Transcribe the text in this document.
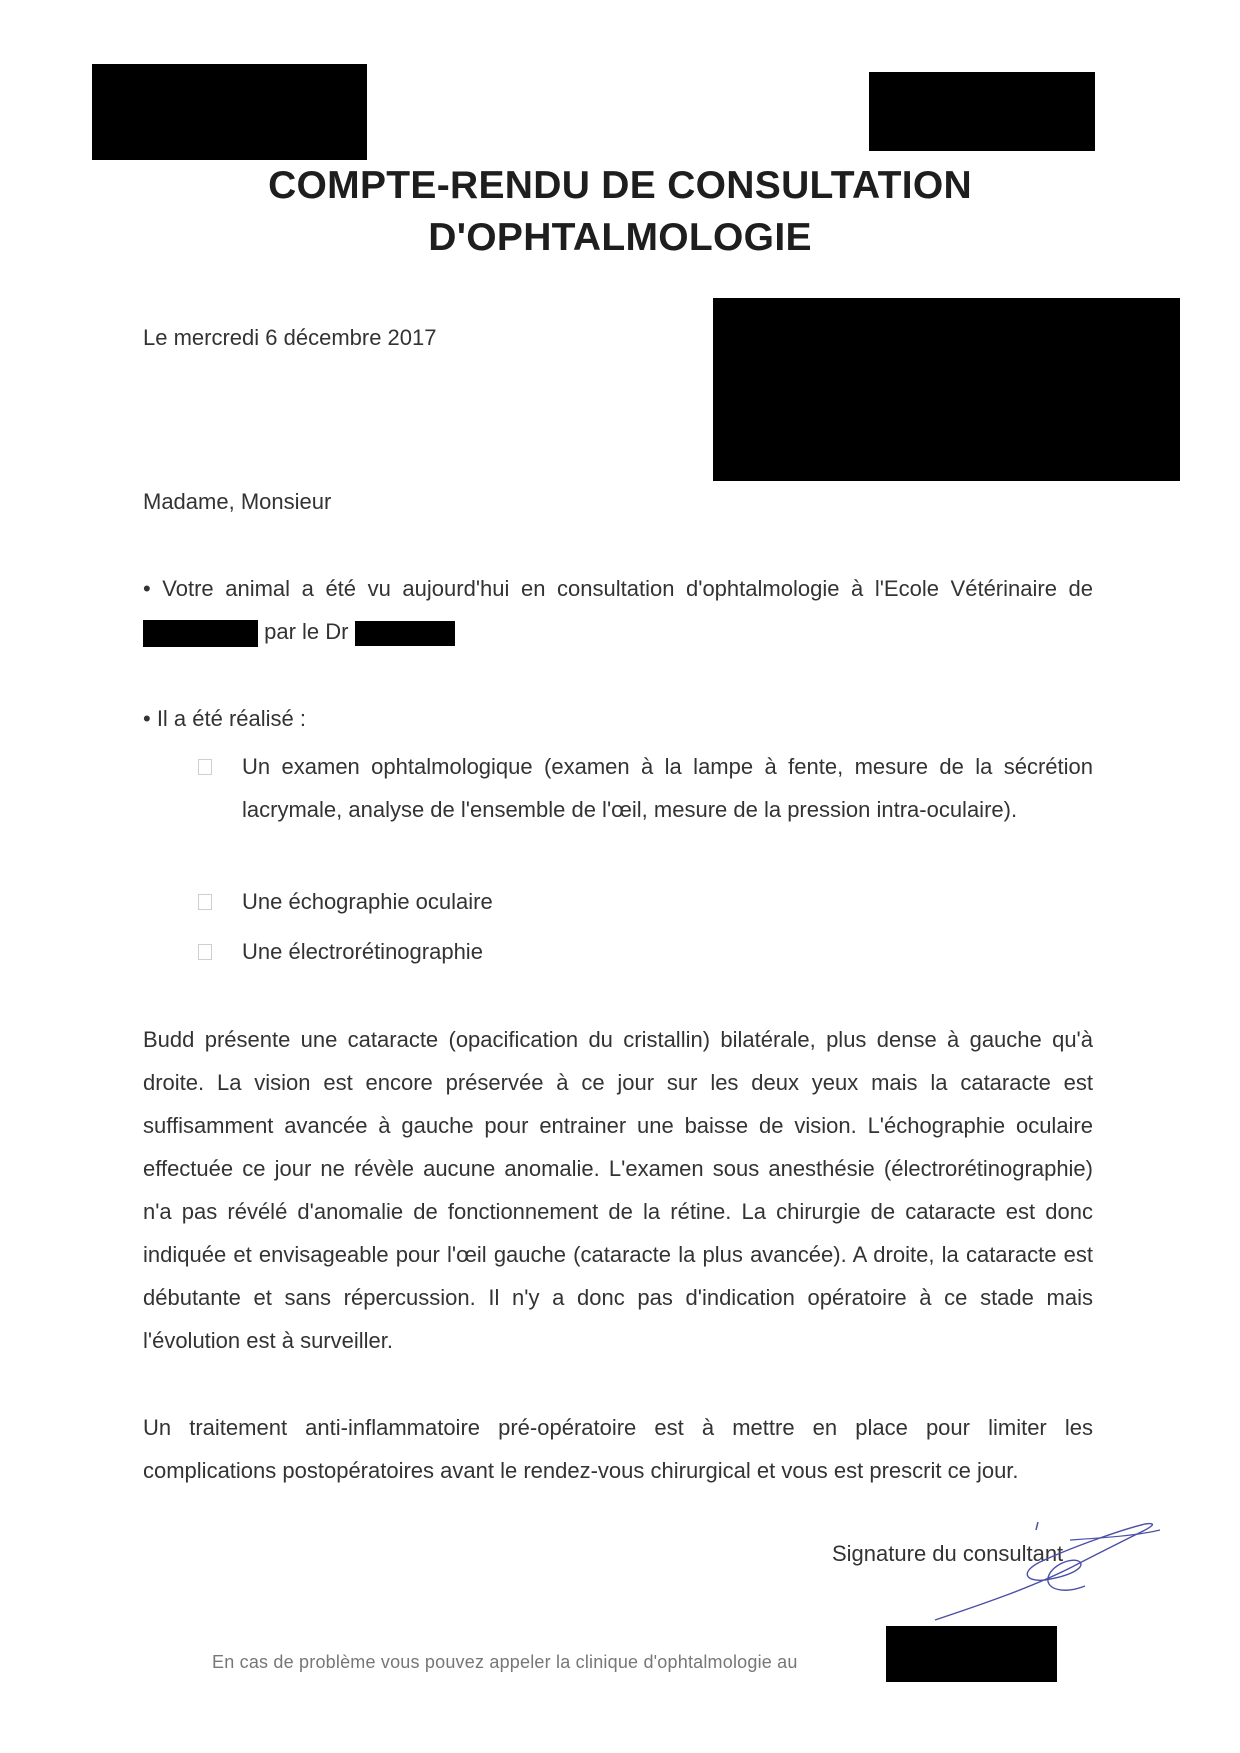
COMPTE-RENDU DE CONSULTATION
D'OPHTALMOLOGIE
Le mercredi 6 décembre 2017
Madame, Monsieur
• Votre animal a été vu aujourd'hui en consultation d'ophtalmologie à l'Ecole Vétérinaire de par le Dr
• Il a été réalisé :
Un examen ophtalmologique (examen à la lampe à fente, mesure de la sécrétion lacrymale, analyse de l'ensemble de l'œil, mesure de la pression intra-oculaire).
Une échographie oculaire
Une électrorétinographie
Budd présente une cataracte (opacification du cristallin) bilatérale, plus dense à gauche qu'à droite. La vision est encore préservée à ce jour sur les deux yeux mais la cataracte est suffisamment avancée à gauche pour entrainer une baisse de vision. L'échographie oculaire effectuée ce jour ne révèle aucune anomalie. L'examen sous anesthésie (électrorétinographie) n'a pas révélé d'anomalie de fonctionnement de la rétine. La chirurgie de cataracte est donc indiquée et envisageable pour l'œil gauche (cataracte la plus avancée). A droite, la cataracte est débutante et sans répercussion. Il n'y a donc pas d'indication opératoire à ce stade mais l'évolution est à surveiller.
Un traitement anti-inflammatoire pré-opératoire est à mettre en place pour limiter les complications postopératoires avant le rendez-vous chirurgical et vous est prescrit ce jour.
Signature du consultant
En cas de problème vous pouvez appeler la clinique d'ophtalmologie au
